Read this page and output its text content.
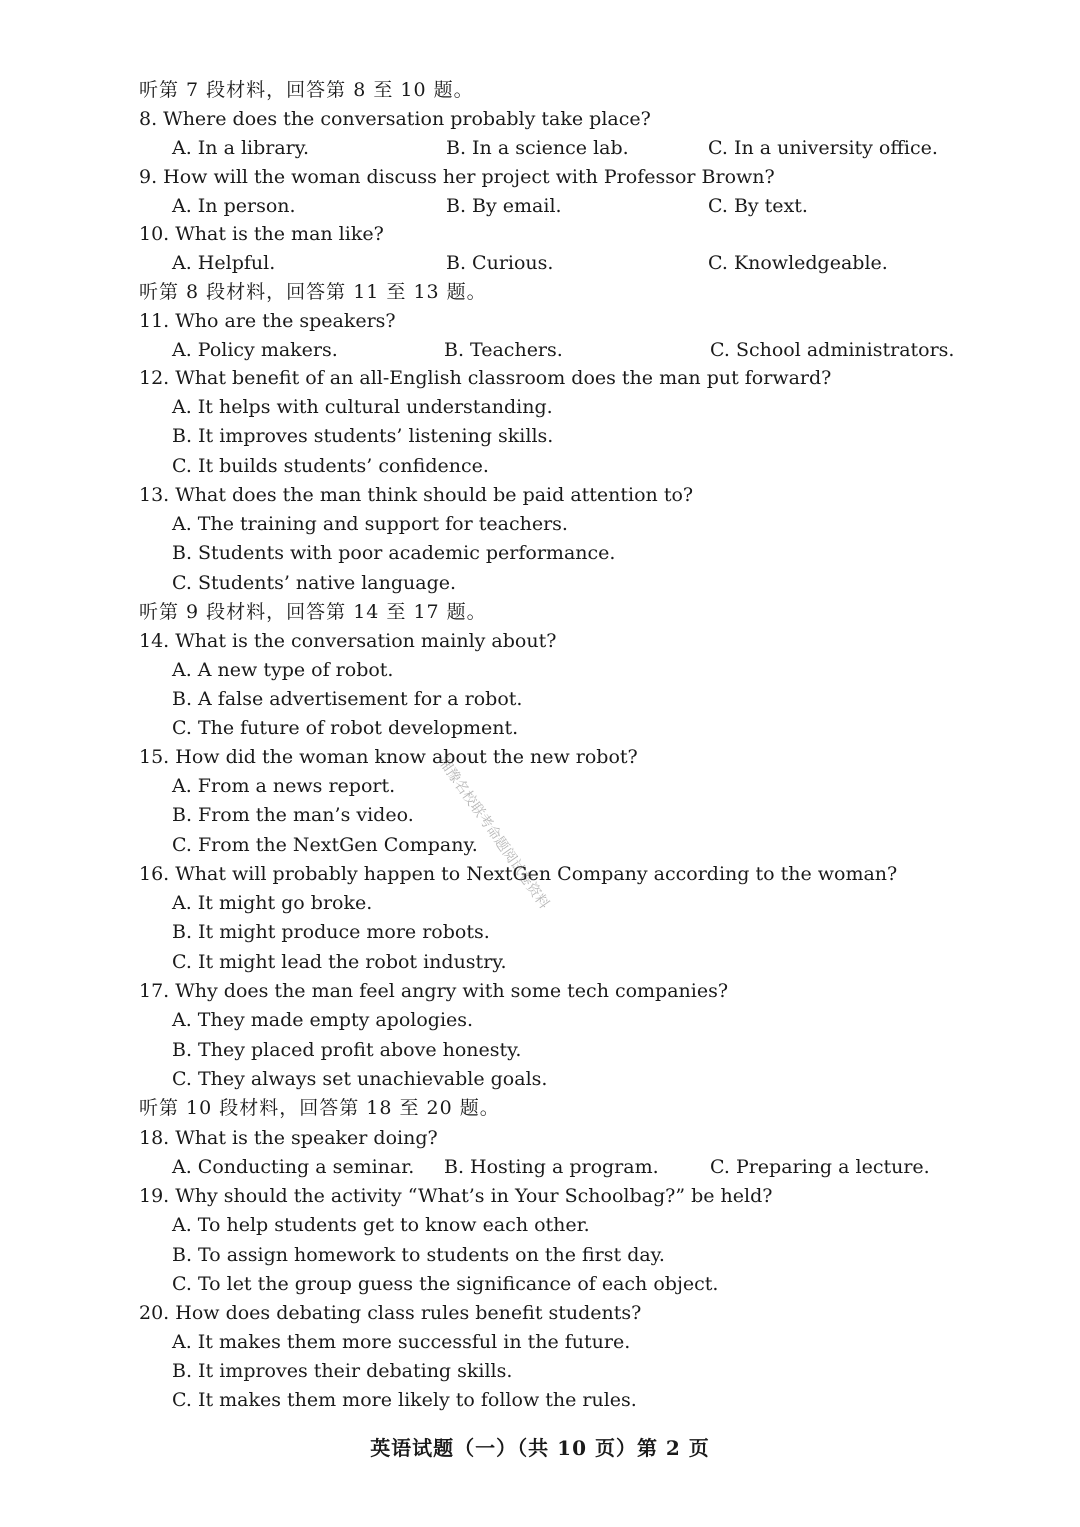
听第 7 段材料，回答第 8 至 10 题。
8. Where does the conversation probably take place?
A. In a library.	B. In a science lab.	C. In a university office.
9. How will the woman discuss her project with Professor Brown?
A. In person.	B. By email.	C. By text.
10. What is the man like?
A. Helpful.	B. Curious.	C. Knowledgeable.
听第 8 段材料，回答第 11 至 13 题。
11. Who are the speakers?
A. Policy makers.	B. Teachers.	C. School administrators.
12. What benefit of an all-English classroom does the man put forward?
A. It helps with cultural understanding.
B. It improves students’ listening skills.
C. It builds students’ confidence.
13. What does the man think should be paid attention to?
A. The training and support for teachers.
B. Students with poor academic performance.
C. Students’ native language.
听第 9 段材料，回答第 14 至 17 题。
14. What is the conversation mainly about?
A. A new type of robot.
B. A false advertisement for a robot.
C. The future of robot development.
15. How did the woman know about the new robot?
A. From a news report.
B. From the man’s video.
C. From the NextGen Company.
16. What will probably happen to NextGen Company according to the woman?
A. It might go broke.
B. It might produce more robots.
C. It might lead the robot industry.
17. Why does the man feel angry with some tech companies?
A. They made empty apologies.
B. They placed profit above honesty.
C. They always set unachievable goals.
听第 10 段材料，回答第 18 至 20 题。
18. What is the speaker doing?
A. Conducting a seminar. B. Hosting a program.	C. Preparing a lecture.
19. Why should the activity “What’s in Your Schoolbag?” be held?
A. To help students get to know each other.
B. To assign homework to students on the first day.
C. To let the group guess the significance of each object.
20. How does debating class rules benefit students?
A. It makes them more successful in the future.
B. It improves their debating skills.
C. It makes them more likely to follow the rules.
湘豫名校联考命题阅试卷资料
英语试题（一）（共 10 页）第 2 页
